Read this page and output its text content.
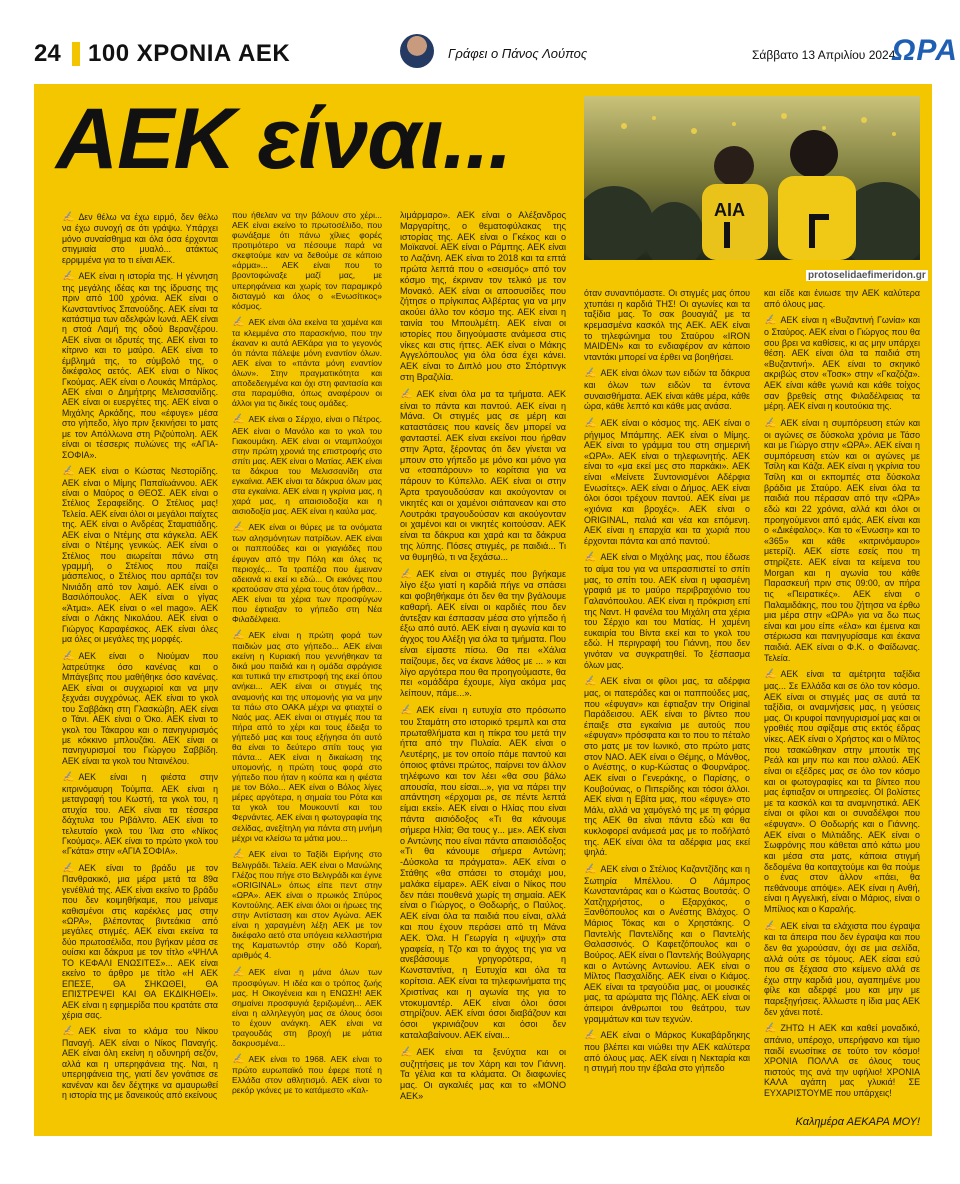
24 100 ΧΡΟΝΙΑ ΑΕΚ	Γράφει ο Πάνος Λούπος	Σάββατο 13 Απριλίου 2024
ΩΡΑ
ΑΕΚ είναι...
ΑΙΑ
protoselidaefimeridon.gr

✍ Δεν θέλω να έχω ειρμό, δεν θέλω να έχω συνοχή σε ότι γράψω. Υπάρχει μόνο συναίσθημα και όλα όσα έρχονται στιγμιαία στο μυαλό... ατάκτως ερριμμένα για το τι είναι ΑΕΚ.

✍ ΑΕΚ είναι η ιστορία της. Η γέννηση της μεγάλης ιδέας και της ίδρυσης της πριν από 100 χρόνια. ΑΕΚ είναι ο Κωνσταντίνος Σπανούδης. ΑΕΚ είναι τα κατάστιμα των αδελφών Ιωνά. ΑΕΚ είναι η στοά Λαμή της οδού Βερανζέρου. ΑΕΚ είναι οι ιδρυτές της. ΑΕΚ είναι το κίτρινο και το μαύρο. ΑΕΚ είναι το έμβλημά της, το σύμβολό της, ο δικέφαλος αετός. ΑΕΚ είναι ο Νίκος Γκούμας. ΑΕΚ είναι ο Λουκάς Μπάρλος. ΑΕΚ είναι ο Δημήτρης Μελισσανίδης. ΑΕΚ είναι οι ευεργέτες της. ΑΕΚ είναι ο Μιχάλης Αρκάδης, που «έφυγε» μέσα στο γήπεδο, λίγο πριν ξεκινήσει το ματς με τον Απόλλωνα στη Ριζούπολη. ΑΕΚ είναι οι τέσσερις πυλώνες της «ΑΓΙΑ-ΣΟΦΙΑ».

✍ ΑΕΚ είναι ο Κώστας Νεστορίδης. ΑΕΚ είναι ο Μίμης Παπαϊωάννου. ΑΕΚ είναι ο Μαύρος ο ΘΕΟΣ. ΑΕΚ είναι ο Στέλιος Σεραφείδης. Ο Στέλιος μας! Τελεία. ΑΕΚ είναι όλοι οι μεγάλοι παίχτες της. ΑΕΚ είναι ο Ανδρέας Σταματιάδης. ΑΕΚ είναι ο Ντέμης στα κάγκελα. ΑΕΚ είναι ο Ντέμης γενικώς. ΑΕΚ είναι ο Στέλιος που αιωρείται πάνω στη γραμμή, ο Στέλιος που παίζει μάσπελιος, ο Στέλιος που αρπάζει τον Νινιάδη από τον λαιμό. ΑΕΚ είναι ο Βασιλόπουλος. ΑΕΚ είναι ο γίγας «Άτμα». ΑΕΚ είναι ο «el mago». ΑΕΚ είναι ο Λάκης Νικολάου. ΑΕΚ είναι ο Γιώργος Καραφέσκος. ΑΕΚ είναι όλες μα όλες οι μεγάλες της μορφές.

✍ ΑΕΚ είναι ο Νιούμαν που λατρεύτηκε όσο κανένας και ο Μπάγεβιτς που μαθήθηκε όσο κανένας. ΑΕΚ είναι οι συγχωριοί και να μην ξεχνάει συγχρόνως. ΑΕΚ είναι το γκολ του Σαββάκη στη Γλασκώβη. ΑΕΚ είναι ο Τάνι. ΑΕΚ είναι ο Όκο. ΑΕΚ είναι το γκολ του Τάκαρου και ο πανηγυρισμός με κόκκινο μπλουζάκι. ΑΕΚ είναι οι πανηγυρισμοί του Γιώργου Σαββίδη. ΑΕΚ είναι τα γκολ του Νταινέλου.

✍ ΑΕΚ είναι η φιέστα στην κιτρινόμαυρη Τούμπα. ΑΕΚ είναι η μεταγραφή του Κωστή, τα γκολ του, η ατυχία του. ΑΕΚ είναι τα τέσσερα δάχτυλα του Ριβάλντο. ΑΕΚ είναι το τελευταίο γκολ του Ίλια στο «Νίκος Γκούμας». ΑΕΚ είναι το πρώτο γκολ του «Γκάτα» στην «ΑΓΙΑ ΣΟΦΙΑ».

✍ ΑΕΚ είναι το βράδυ με τον Πανθρακικό, μια μέρα μετά τα 89α γενέθλιά της. ΑΕΚ είναι εκείνο το βράδυ που δεν κοιμηθήκαμε, που μείναμε καθισμένοι στις καρέκλες μας στην «ΩΡΑ», βλέποντας βιντεάκια από μεγάλες στιγμές. ΑΕΚ είναι εκείνα τα δύο πρωτοσέλιδα, που βγήκαν μέσα σε ουίσκι και δάκρυα με τον τίτλο «ΨΗΛΑ ΤΟ ΚΕΦΑΛΙ ΕΝΩΣΙΤΕΣ»... ΑΕΚ είναι εκείνο το άρθρο με τίτλο «Η ΑΕΚ ΕΠΕΣΕ, ΘΑ ΣΗΚΩΘΕΙ, ΘΑ ΕΠΙΣΤΡΕΨΕΙ ΚΑΙ ΘΑ ΕΚΔΙΚΗΘΕΙ». ΑΕΚ είναι η εφημερίδα που κρατάτε στα χέρια σας.

✍ ΑΕΚ είναι το κλάμα του Νίκου Παναγή. ΑΕΚ είναι ο Νίκος Παναγής. ΑΕΚ είναι όλη εκείνη η οδυνηρή σεζόν, αλλά και η υπερηφάνεια της. Ναι, η υπερηφάνεια της, γιατί δεν γονάτισε σε κανέναν και δεν δέχτηκε να αμαυρωθεί η ιστορία της με δανεικούς από εκείνους

που ήθελαν να την βάλουν στο χέρι... ΑΕΚ είναι εκείνο το πρωτοσέλιδο, που φωνάξαμε ότι πάνω χίλιες φορές προτιμότερο να πέσουμε παρά να σκεφτούμε καν να δεθούμε σε κάποιο «άρμα»... ΑΕΚ είναι που το βροντοφώναξε μαζί μας, με υπερηφάνεια και χωρίς τον παραμικρό δισταγμό και όλος ο «Ενωσίτικος» κόσμος.

✍ ΑΕΚ είναι όλα εκείνα τα χαμένα και τα κλεμμένα στο παρασκήνιο, που την έκαναν κι αυτά ΑΕΚάρα για το γεγονός ότι πάντα πάλεψε μόνη εναντίον όλων. ΑΕΚ είναι το «πάντα μόνη εναντίον όλων». Στην πραγματικότητα και αποδεδειγμένα και όχι στη φαντασία και στα παραμύθια, όπως αναφέρουν οι άλλοι για τις δικές τους ομάδες.

✍ ΑΕΚ είναι ο Σέρχιο, είναι ο Πέτρος. ΑΕΚ είναι ο Μανόλο και το γκολ του Γιακουμάκη. ΑΕΚ είναι οι νταμπλούχοι στην πρώτη χρονιά της επιστροφής στο σπίτι μας. ΑΕΚ είναι ο Ματίας. ΑΕΚ είναι τα δάκρυα του Μελισσανίδη στα εγκαίνια. ΑΕΚ είναι τα δάκρυα όλων μας στα εγκαίνια. ΑΕΚ είναι η γκρίνια μας, η χαρά μας, η απαισιοδοξία και η αισιοδοξία μας. ΑΕΚ είναι η καύλα μας.

✍ ΑΕΚ είναι οι θύρες με τα ονόματα των αλησμόνητων πατρίδων. ΑΕΚ είναι οι παππούδες και οι γιαγιάδες που έφυγαν από την Πόλη και όλες τις περιοχές... Τα τραπέζια που έμειναν αδειανά κι εκεί κι εδώ... Οι εικόνες που κρατούσαν στα χέρια τους όταν ήρθαν... ΑΕΚ είναι τα χέρια των προσφύγων που έφτιαξαν το γήπεδο στη Νέα Φιλαδέλφεια.

✍ ΑΕΚ είναι η πρώτη φορά των παιδιών μας στο γήπεδο... ΑΕΚ είναι εκείνη η Κυριακή που γεννήθηκαν τα δικά μου παιδιά και η ομάδα σφράγισε και τυπικά την επιστροφή της εκεί όπου ανήκει... ΑΕΚ είναι οι στιγμές της αναμονής και της υπομονής για να μην τα πάω στο ΟΑΚΑ μέχρι να φτιαχτεί ο Ναός μας. ΑΕΚ είναι οι στιγμές που τα πήρα από το χέρι και τους έδειξα το γήπεδό μας και τους εξήγησα ότι αυτό θα είναι το δεύτερο σπίτι τους για πάντα... ΑΕΚ είναι η δικαίωση της υπομονής, η πρώτη τους φορά στο γήπεδο που ήταν η κούπα και η φιέστα με τον Βόλο... ΑΕΚ είναι ο Βόλος λίγες μέρες αργότερα, η σημαία του Ρότα και τα γκολ του Μουκουντί και του Φερνάντες. ΑΕΚ είναι η φωτογραφία της σελίδας, ανεξίτηλη για πάντα στη μνήμη μέχρι να κλείσω τα μάτια μου...

✍ ΑΕΚ είναι το Ταξίδι Ειρήνης στο Βελιγράδι. Τελεία. ΑΕΚ είναι ο Μανώλης Γλέζος που πήγε στο Βελιγράδι και έγινε «ORIGINAL» όπως είπε πεντ στην «ΩΡΑ». ΑΕΚ είναι ο πρωικός Σπύρος Κοντούλης. ΑΕΚ είναι όλοι οι ήρωες της στην Αντίσταση και στον Αγώνα. ΑΕΚ είναι η χαραγμένη λέξη ΑΕΚ με τον δικέφαλο αετό στα υπόγεια κελλαστήρια της Καματωντόρ στην οδό Κοραή, αριθμός 4.

✍ ΑΕΚ είναι η μάνα όλων των προσφύγων. Η ιδέα και ο τρόπος ζωής μας. Η Οικογένεια και η ΕΝΩΣΗ! ΑΕΚ σημαίνει προσφυγιά ξεριζωμένη... ΑΕΚ είναι η αλληλεγγύη μας σε όλους όσοι το έχουν ανάγκη. ΑΕΚ είναι να τραγουδάς στη βροχή με μάτια δακρυσμένα...

✍ ΑΕΚ είναι το 1968. ΑΕΚ είναι το πρώτο ευρωπαϊκό που έφερε ποτέ η Ελλάδα στον αθλητισμό. ΑΕΚ είναι το ρεκόρ γκόνες με το κατάμεστο «Καλ-

λιμάρμαρο». ΑΕΚ είναι ο Αλέξανδρος Μαργαρίτης, ο θεματοφύλακας της ιστορίας της. ΑΕΚ είναι ο Γκέκος και ο Μοϊκανοί. ΑΕΚ είναι ο Ράμπης. ΑΕΚ είναι το Λαζάνη. ΑΕΚ είναι το 2018 και τα επτά πρώτα λεπτά που ο «σεισμός» από τον κόσμο της, έκριναν τον τελικό με τον Μονακό. ΑΕΚ είναι οι αποσυσίδες που ζήτησε ο πρίγκιπας Αλβέρτας για να μην ακούει άλλο τον κόσμο της. ΑΕΚ είναι η ταινία του Μπουλμέτη. ΑΕΚ είναι οι ιστορίες που διηγούμαστε ανάμεσα στις νίκες και στις ήττες. ΑΕΚ είναι ο Μάκης Αγγελόπουλος για όλα όσα έχει κάνει. ΑΕΚ είναι το Διπλό μου στο Σπόρτινγκ στη Βραζιλία.

✍ ΑΕΚ είναι όλα μα τα τμήματα. ΑΕΚ είναι το πάντα και παντού. ΑΕΚ είναι η Μάνα. Οι στιγμές μας σε μέρη και καταστάσεις που κανείς δεν μπορεί να φανταστεί. ΑΕΚ είναι εκείνοι που ήρθαν στην Άρτα, ξέροντας ότι δεν γίνεται να μπουν στο γήπεδο με μόνο και μόνο για να «τσαπάρουν» το κορίτσια για να πάρουν το Κύπελλο. ΑΕΚ είναι οι στην Άρτα τραγουδούσαν και ακούγονταν οι νικητές και οι χαμένοι σιάπανεαν και στο Λουτράκι τραγουδούσαν και ακούγονταν οι χαμένοι και οι νικητές κοιτούσαν. ΑΕΚ είναι τα δάκρυα και χαρά και τα δάκρυα της λύπης. Πόσες στιγμές, ρε παιδιά... Τι να θυμηθώ, τι να ξεχάσω...

✍ ΑΕΚ είναι οι στιγμές που βγήκαμε λίγο έξω γιατί η καρδιά πήγε να σπάσει και φοβηθήκαμε ότι δεν θα την βγάλουμε καθαρή. ΑΕΚ είναι οι καρδιές που δεν άντεξαν και έσπασαν μέσα στο γήπεδο ή έξω από αυτό. ΑΕΚ είναι η αγωνία και το άγχος του Αλέξη για όλα τα τμήματα. Που είναι είμαστε πίσω. Θα πει «Χάλια παίζουμε, δες να έκανε λάθος με ... » και λίγο αργότερα που θα προηγούμαστε, θα πει «ομάδάρα έχουμε, λίγα ακόμα μας λείπουν, πάμε...».

✍ ΑΕΚ είναι η ευτυχία στο πρόσωπο του Σταμάτη στο ιστορικό τρεμπλ και στα πρωταθλήματα και η πίκρα του μετά την ήττα από την Πυλαία. ΑΕΚ είναι ο Λευτέρης, με τον οποίο πάμε παντού και όποιος φτάνει πρώτος, παίρνει τον άλλον τηλέφωνο και τον λέει «θα σου βάλω απουσία, που είσαι...», για να πάρει την απάντηση «έρχομαι ρε, σε πέντε λεπτά είμαι εκεί». ΑΕΚ είναι ο Ηλίας που είναι πάντα αισιόδοξος «Τι θα κάνουμε σήμερα Ηλία; Θα τους γ... με». ΑΕΚ είναι ο Αντώνης που είναι πάντα απαισιόδοξος «Τι θα κάνουμε σήμερα Αντώνη; -Δύσκολα τα πράγματα». ΑΕΚ είναι ο Στάθης «θα σπάσει το στομάχι μου, μαλάκα είμαρε». ΑΕΚ είναι ο Νίκος που δεν πάει πουθενά χωρίς τη σημαία. ΑΕΚ είναι ο Γιώργος, ο Θοδωρής, ο Παύλος. ΑΕΚ είναι όλα τα παιδιά που είναι, αλλά και που έχουν περάσει από τη Μάνα ΑΕΚ. Όλα. Η Γεωργία η «ψυχή» στα γραφεία, η Τζο και το άγχος της για να ανεβάσουμε γρηγορότερα, η Κωνσταντίνα, η Ευτυχία και όλα τα κορίτσια. ΑΕΚ είναι τα τηλεφωνήματα της Χριστίνας και η αγωνία της για το ντοκυμαντέρ. ΑΕΚ είναι όλοι όσοι στηρίζουν. ΑΕΚ είναι όσοι διαβάζουν και όσοι γκρινιάζουν και όσοι δεν καταλαβαίνουν. ΑΕΚ είναι...

✍ ΑΕΚ είναι τα ξενύχτια και οι συζητήσεις με τον Χάρη και τον Γιάννη. Τα γέλια και τα κλάματα. Οι διαφωνίες μας. Οι αγκαλιές μας και το «ΜΟΝΟ ΑΕΚ»

όταν συναντιόμαστε. Οι στιγμές μας όπου χτυπάει η καρδιά ΤΗΣ! Οι αγωνίες και τα ταξίδια μας. Το σακ βουαγιάζ με τα κρεμασμένα κασκόλ της ΑΕΚ. ΑΕΚ είναι το τηλεφώνημα του Σταύρου «IRON MAIDEN» και το ενδιαφέρον αν κάποιο νταντάκι μπορεί να έρθει να βοηθήσει.

✍ ΑΕΚ είναι όλων των ειδών τα δάκρυα και όλων των ειδών τα έντονα συναισθήματα. ΑΕΚ είναι κάθε μέρα, κάθε ώρα, κάθε λεπτό και κάθε μας ανάσα.

✍ ΑΕΚ είναι ο κόσμος της. ΑΕΚ είναι ο ρήγιμος Μπάμπης. ΑΕΚ είναι ο Μίμης. ΑΕΚ είναι το γράμμα του στη σημερινή «ΩΡΑ». ΑΕΚ είναι ο τηλεφωνητής. ΑΕΚ είναι το «μα εκεί μες στο παρκάκι». ΑΕΚ είναι «Μείνετε Συντονισμένοι Αδέρφια Ενωσίτες». ΑΕΚ είναι ο Δήμος. ΑΕΚ είναι όλοι όσοι τρέχουν παντού. ΑΕΚ είναι με «χιόνια και βροχές». ΑΕΚ είναι ο ORIGINAL, παλιά και νέα και επόμενη. ΑΕΚ είναι η επαρχία και τα χωριά που έρχονται πάντα και από παντού.

✍ ΑΕΚ είναι ο Μιχάλης μας, που έδωσε το αίμα του για να υπερασπιστεί το σπίτι μας, το σπίτι του. ΑΕΚ είναι η υφασμένη γραφιά με το μαύρο περιβραχιόνιο του Γαλανόπουλου. ΑΕΚ είναι η πρόκριση επί της Ναντ. Η φανέλα του Μιχάλη στα χέρια του Σέρχιο και του Ματίας. Η χαμένη ευκαιρία του Βίντα εκεί και το γκολ του εδώ. Η περιγραφή του Γιάννη, που δεν γινόταν να συγκρατηθεί. Το ξέσπασμα όλων μας.

✍ ΑΕΚ είναι οι φίλοι μας, τα αδέρφια μας, οι πατεράδες και οι παππούδες μας, που «έφυγαν» και έφτιαξαν την Original Παράδεισου. ΑΕΚ είναι το βίντεο που έπαιξε στα εγκαίνια με αυτούς που «έφυγαν» πρόσφατα και το που το πέταλο στο ματς με τον Ιωνικό, στο πρώτο ματς στον ΝΑΟ. ΑΕΚ είναι ο Θέμης, ο Μάνθος, ο Ανέστης, ο κυρ-Κώστας ο Φουρνάρος. ΑΕΚ είναι ο Γενεράκης, ο Παρίσης, ο Κουβούνιας, ο Πιπερίδης και τόσοι άλλοι. ΑΕΚ είναι η Εβίτα μας, που «έφυγε» στο Μάλι, αλλά να χαμόγελό της με τη φόρμα της ΑΕΚ θα είναι πάντα εδώ και θα κυκλοφορεί ανάμεσά μας με το ποδήλατό της. ΑΕΚ είναι όλα τα αδέρφια μας εκεί ψηλά.

✍ ΑΕΚ είναι ο Στέλιος Καζαντζίδης και η Σωτηρία Μπέλλου. Ο Λάμπρος Κωνσταντάρας και ο Κώστας Βουτσάς. Ο Χατζηχρήστος, ο Εξαρχάκος, ο Ξανθόπουλος και ο Ανέστης Βλάχος. Ο Μάριος Τόκας και ο Χρηστάκης. Ο Παντελής Παντελίδης και ο Παντελής Θαλασσινός. Ο Καφετζόπουλος και ο Βούρος. ΑΕΚ είναι ο Παντελής Βούλγαρης και ο Αντώνης Αντωνίου. ΑΕΚ είναι ο Μίλτος Πασχαλίδης. ΑΕΚ είναι ο Κιάμος. ΑΕΚ είναι τα τραγούδια μας, οι μουσικές μας, τα αρώματα της Πόλης. ΑΕΚ είναι οι άπειροι άνθρωποι του θεάτρου, των γραμμάτων και των τεχνών.

✍ ΑΕΚ είναι ο Μάρκος Κυκαβάρδηκης που βλέπει και νιώθει την ΑΕΚ καλύτερα από όλους μας. ΑΕΚ είναι η Νεκταρία και η στιγμή που την έβαλα στο γήπεδο

και είδε και ένιωσε την ΑΕΚ καλύτερα από όλους μας.

✍ ΑΕΚ είναι η «Βυζαντινή Γωνία» και ο Σταύρος. ΑΕΚ είναι ο Γιώργος που θα σου βρει να καθίσεις, κι ας μην υπάρχει θέση. ΑΕΚ είναι όλα τα παιδιά στη «Βυζαντινή». ΑΕΚ είναι το σκηνικό ακριβώς στον «Τοσκ» στην «Γκαζόζα». ΑΕΚ είναι κάθε γωνιά και κάθε τοίχος σαν βρεθείς στης Φιλαδέλφειας τα μέρη. ΑΕΚ είναι η κουτούκια της.

✍ ΑΕΚ είναι η συμπόρευση ετών και οι αγώνες σε δύσκολα χρόνια με Τάσο και με Γιώργο στην «ΩΡΑ». ΑΕΚ είναι η συμπόρευση ετών και οι αγώνες με Τσίλη και Κάζα. ΑΕΚ είναι η γκρίνια του Τσίλη και οι εκπομπές στα δύσκολα βράδια με Σταύρο. ΑΕΚ είναι όλα τα παιδιά που πέρασαν από την «ΩΡΑ» εδώ και 22 χρόνια, αλλά και όλοι οι προηγούμενοι από εμάς. ΑΕΚ είναι και ο «Δικέφαλος». Και το «Ένωση» και το «365» και κάθε «κιτρινόμαυρο» μετερίζι. ΑΕΚ είστε εσείς που τη στηρίζετε. ΑΕΚ είναι τα κείμενα του Morgan και η αγωνία του κάθε Παρασκευή πριν στις 09:00, αν πήρα τις «Πειρατικές». ΑΕΚ είναι ο Παλαμιδάκης, που του ζήτησα να έρθω μια μέρα στην «ΩΡΑ» για να δω πως είναι και μου είπε «έλα» και έμεινα και στέριωσα και πανηγυρίσαμε και έκανα παιδιά. ΑΕΚ είναι ο Φ.Κ. ο Φαίδωνας. Τελεία.

✍ ΑΕΚ είναι τα αμέτρητα ταξίδια μας... Σε Ελλάδα και σε όλο τον κόσμο. ΑΕΚ είναι οι στιγμές μας σε αυτά τα ταξίδια, οι αναμνήσεις μας, η γεύσεις μας. Οι κρυφοί πανηγυρισμοί μας και οι γροθιές που σφίξαμε στις εκτός έδρας νίκες. ΑΕΚ είναι ο Χρήστος και ο Μίλτος που τσακώθηκαν στην μπουτίκ της Ρεάλ και μην πω και που αλλού. ΑΕΚ είναι οι εξέδρες μας σε όλο τον κόσμο και οι φωτογραφίες και τα βίντεο που μας έφτιαξαν οι υπηρεσίες. ΟΙ βολίστες με τα κασκόλ και τα αναμνηστικά. ΑΕΚ είναι οι φίλοι και οι συναδέλφοι που «έφυγαν». Ο Θοδωρής και ο Γιάννης. ΑΕΚ είναι ο Μιλτιάδης. ΑΕΚ είναι ο Σωφρόνης που κάθεται από κάτω μου και μέσα στα ματς, κάποια στιγμή δεδομένα θα κοιταχτούμε και θα πούμε ο ένας στον άλλον «πάει, θα πεθάνουμε απόψε». ΑΕΚ είναι η Ανθή, είναι η Αγγελική, είναι ο Μάριος, είναι ο Μπίλιος και ο Καραλής.

✍ ΑΕΚ είναι τα ελάχιστα που έγραψα και τα άπειρα που δεν έγραψα και που δεν θα χωρούσαν, όχι σε μια σελίδα, αλλά ούτε σε τόμους. ΑΕΚ είσαι εσύ που σε ξέχασα στο κείμενο αλλά σε έχω στην καρδιά μου, αγαπημένε μου φίλε και αδερφέ μου και μην με παρεξηγήσεις. Άλλωστε η ίδια μας ΑΕΚ δεν χάνει ποτέ.

✍ ΖΗΤΩ Η ΑΕΚ και καθεί μοναδικό, απάνιο, υπέροχο, υπερήφανο και τίμιο παιδί ενωσίτικε σε τούτο τον κόσμο! ΧΡΟΝΙΑ ΠΟΛΛΑ σε όλους τους πιστούς της ανά την υφήλιο! ΧΡΟΝΙΑ ΚΑΛΑ αγάπη μας γλυκιά! ΣΕ ΕΥΧΑΡΙΣΤΟΥΜΕ που υπάρχεις!

Καλημέρα ΑΕΚΑΡΑ ΜΟΥ!
